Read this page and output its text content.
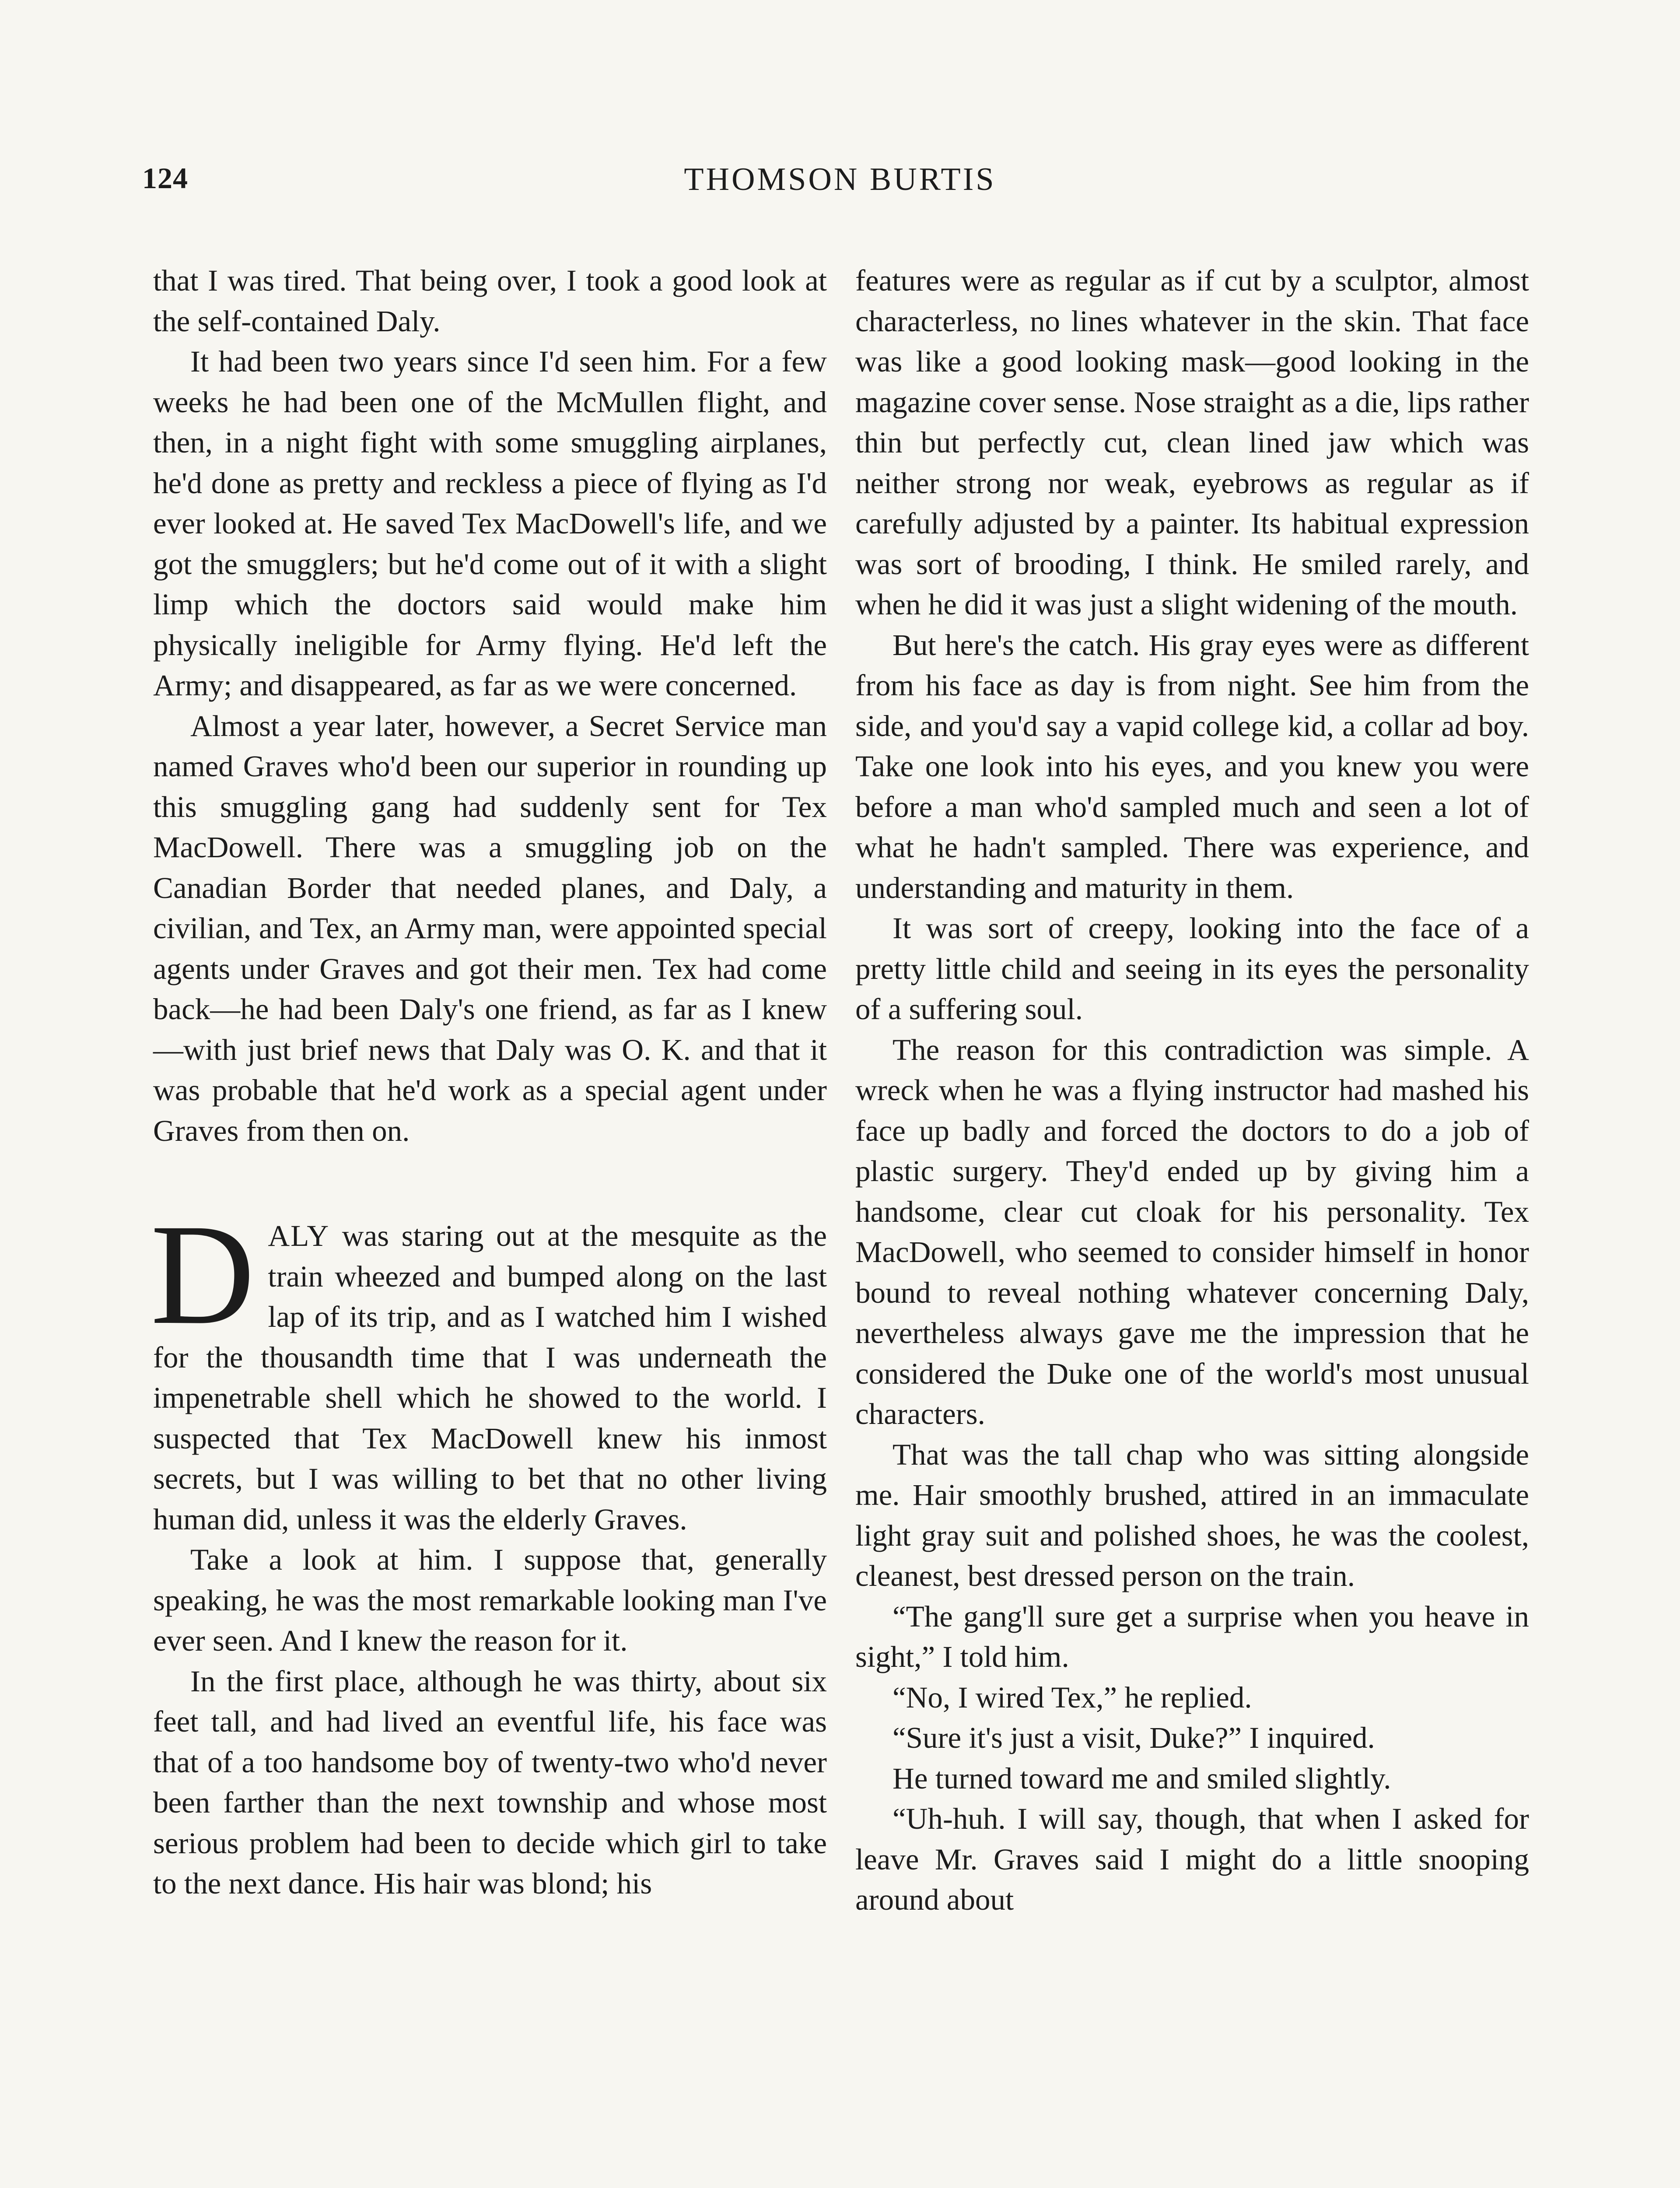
124	THOMSON BURTIS

that I was tired. That being over, I took a good look at the self-contained Daly.

It had been two years since I'd seen him. For a few weeks he had been one of the McMullen flight, and then, in a night fight with some smuggling airplanes, he'd done as pretty and reckless a piece of flying as I'd ever looked at. He saved Tex MacDowell's life, and we got the smugglers; but he'd come out of it with a slight limp which the doctors said would make him physically ineligible for Army flying. He'd left the Army; and disappeared, as far as we were concerned.

Almost a year later, however, a Secret Service man named Graves who'd been our superior in rounding up this smuggling gang had suddenly sent for Tex MacDowell. There was a smuggling job on the Canadian Border that needed planes, and Daly, a civilian, and Tex, an Army man, were appointed special agents under Graves and got their men. Tex had come back—he had been Daly's one friend, as far as I knew—with just brief news that Daly was O. K. and that it was probable that he'd work as a special agent under Graves from then on.

DALY was staring out at the mesquite as the train wheezed and bumped along on the last lap of its trip, and as I watched him I wished for the thousandth time that I was underneath the impenetrable shell which he showed to the world. I suspected that Tex MacDowell knew his inmost secrets, but I was willing to bet that no other living human did, unless it was the elderly Graves.

Take a look at him. I suppose that, generally speaking, he was the most remarkable looking man I've ever seen. And I knew the reason for it.

In the first place, although he was thirty, about six feet tall, and had lived an eventful life, his face was that of a too handsome boy of twenty-two who'd never been farther than the next township and whose most serious problem had been to decide which girl to take to the next dance. His hair was blond; his

features were as regular as if cut by a sculptor, almost characterless, no lines whatever in the skin. That face was like a good looking mask—good looking in the magazine cover sense. Nose straight as a die, lips rather thin but perfectly cut, clean lined jaw which was neither strong nor weak, eyebrows as regular as if carefully adjusted by a painter. Its habitual expression was sort of brooding, I think. He smiled rarely, and when he did it was just a slight widening of the mouth.

But here's the catch. His gray eyes were as different from his face as day is from night. See him from the side, and you'd say a vapid college kid, a collar ad boy. Take one look into his eyes, and you knew you were before a man who'd sampled much and seen a lot of what he hadn't sampled. There was experience, and understanding and maturity in them.

It was sort of creepy, looking into the face of a pretty little child and seeing in its eyes the personality of a suffering soul.

The reason for this contradiction was simple. A wreck when he was a flying instructor had mashed his face up badly and forced the doctors to do a job of plastic surgery. They'd ended up by giving him a handsome, clear cut cloak for his personality. Tex MacDowell, who seemed to consider himself in honor bound to reveal nothing whatever concerning Daly, nevertheless always gave me the impression that he considered the Duke one of the world's most unusual characters.

That was the tall chap who was sitting alongside me. Hair smoothly brushed, attired in an immaculate light gray suit and polished shoes, he was the coolest, cleanest, best dressed person on the train.

“The gang'll sure get a surprise when you heave in sight,” I told him.

“No, I wired Tex,” he replied.

“Sure it's just a visit, Duke?” I inquired.

He turned toward me and smiled slightly.

“Uh-huh. I will say, though, that when I asked for leave Mr. Graves said I might do a little snooping around about
